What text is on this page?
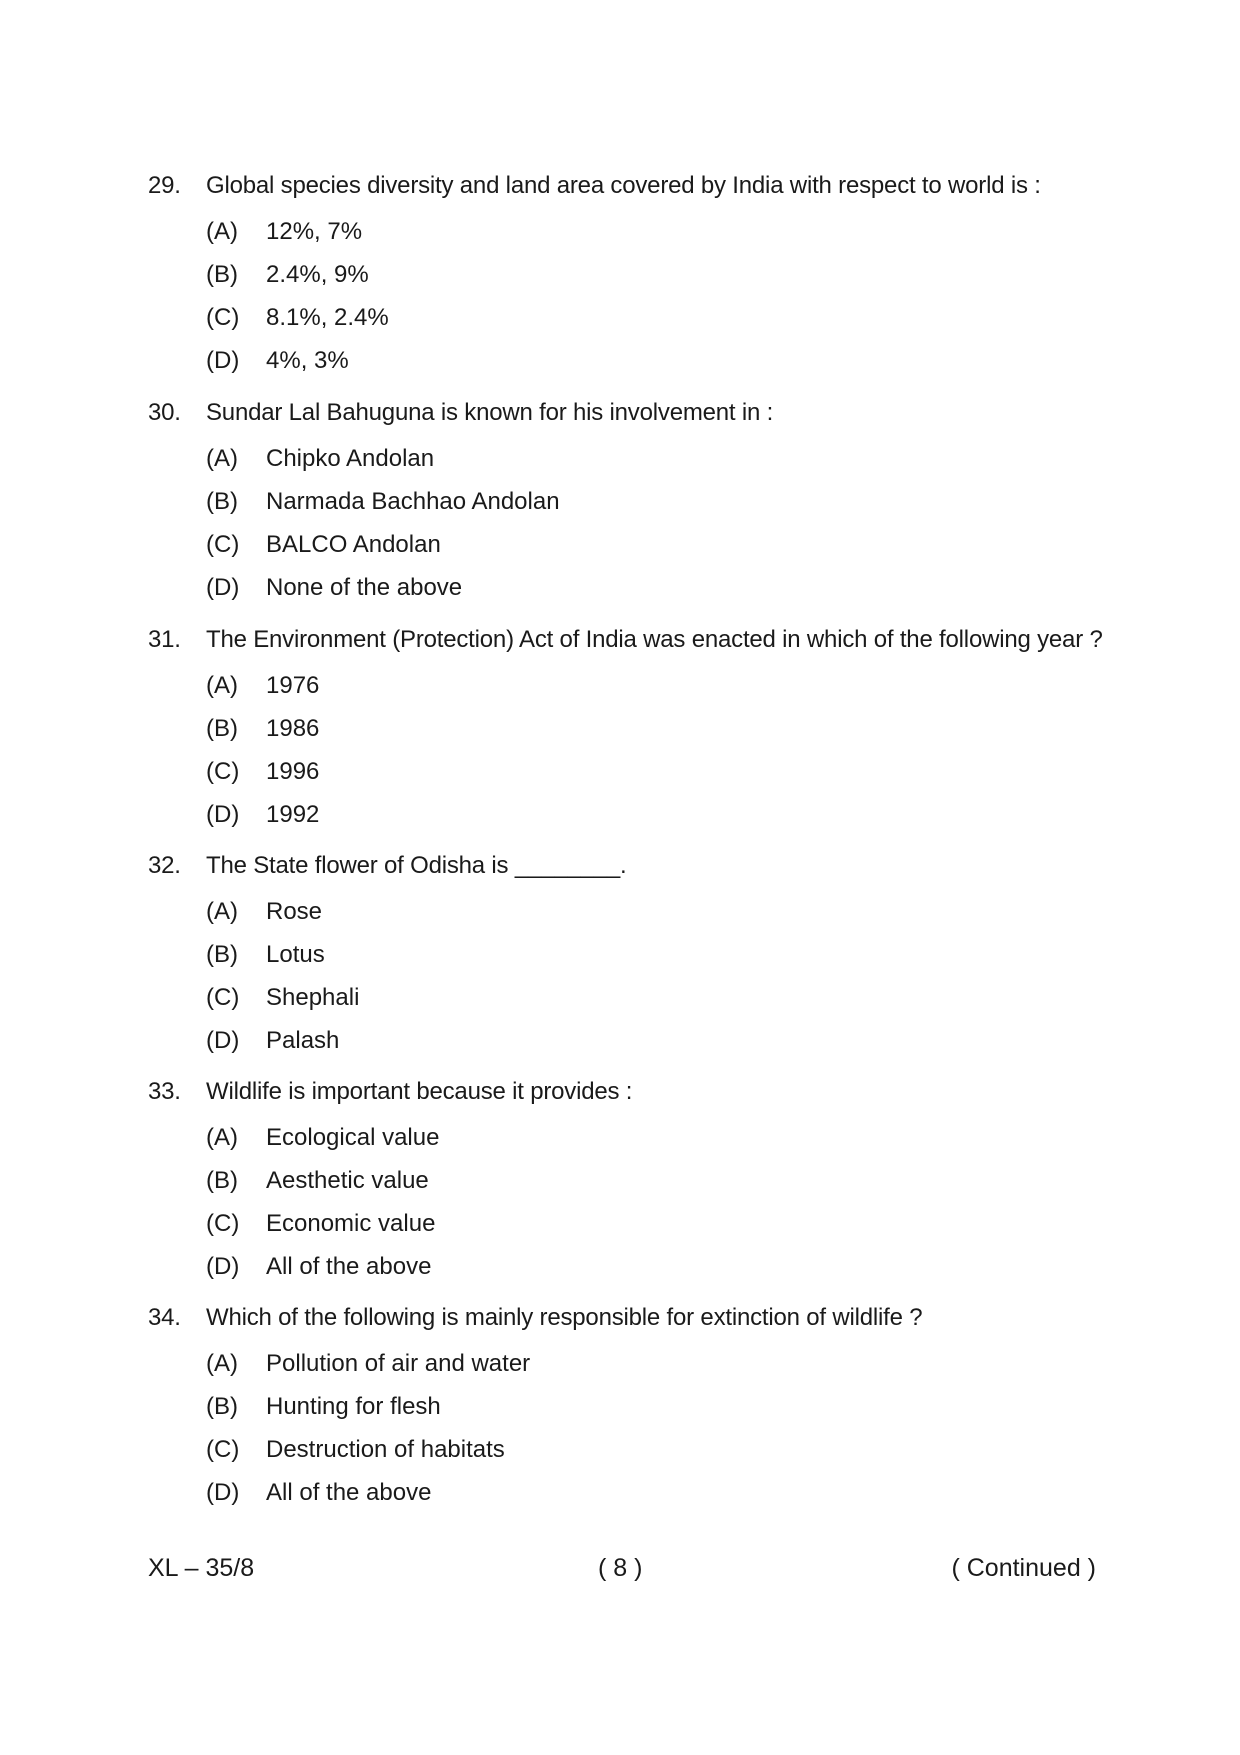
29.	Global species diversity and land area covered by India with respect to world is :
(A)	12%, 7%
(B)	2.4%, 9%
(C)	8.1%, 2.4%
(D)	4%, 3%
30.	Sundar Lal Bahuguna is known for his involvement in :
(A)	Chipko Andolan
(B)	Narmada Bachhao Andolan
(C)	BALCO Andolan
(D)	None of the above
31.	The Environment (Protection) Act of India was enacted in which of the following year ?
(A)	1976
(B)	1986
(C)	1996
(D)	1992
32.	The State flower of Odisha is ________.
(A)	Rose
(B)	Lotus
(C)	Shephali
(D)	Palash
33.	Wildlife is important because it provides :
(A)	Ecological value
(B)	Aesthetic value
(C)	Economic value
(D)	All of the above
34.	Which of the following is mainly responsible for extinction of wildlife ?
(A)	Pollution of air and water
(B)	Hunting for flesh
(C)	Destruction of habitats
(D)	All of the above
XL – 35/8	( 8 )	( Continued )
